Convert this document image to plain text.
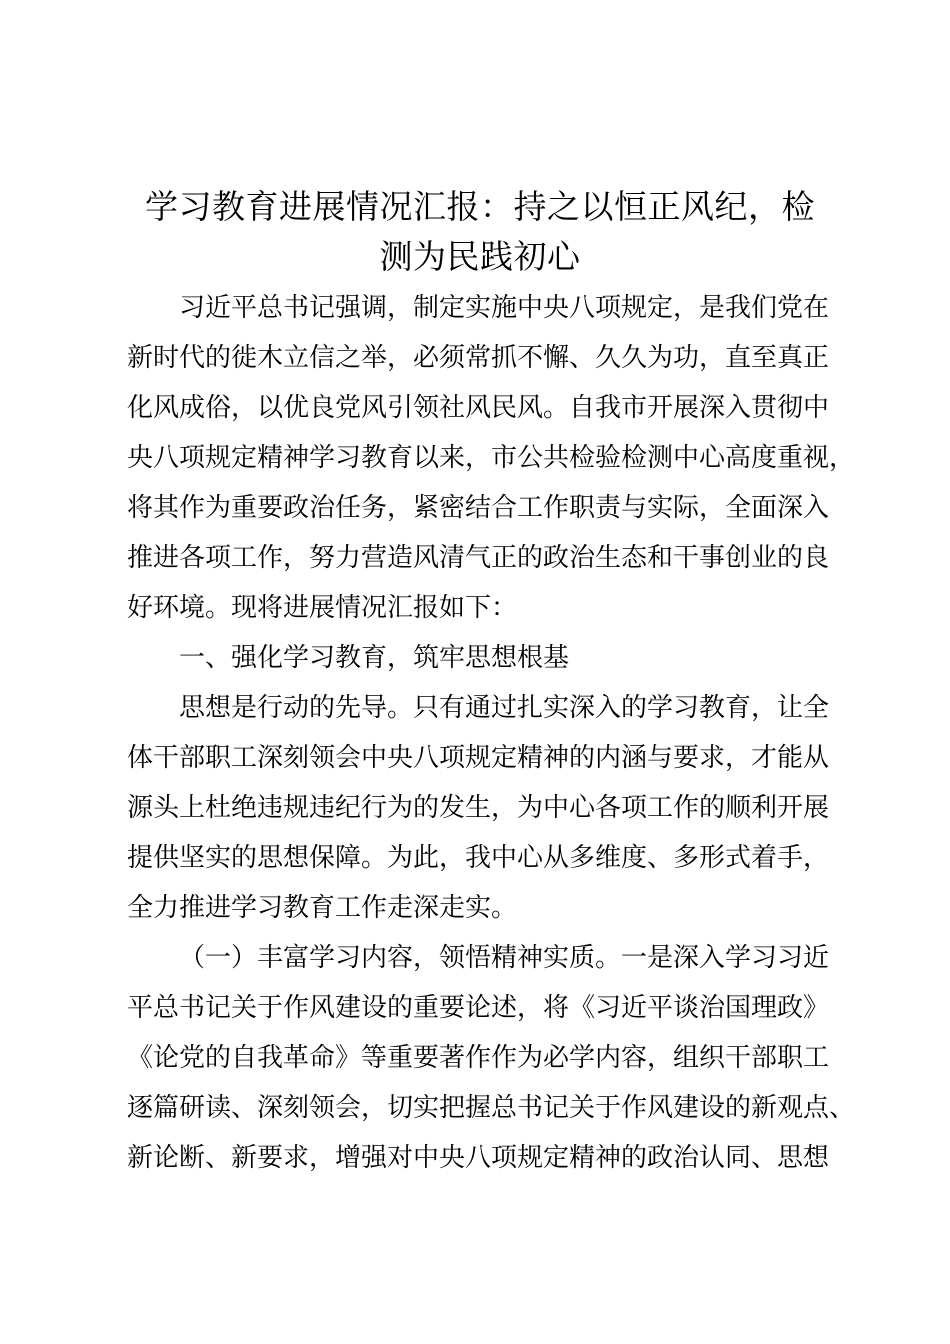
学习教育进展情况汇报：持之以恒正风纪，检
测为民践初心
习近平总书记强调，制定实施中央八项规定，是我们党在
新时代的徙木立信之举，必须常抓不懈、久久为功，直至真正
化风成俗，以优良党风引领社风民风。自我市开展深入贯彻中
央八项规定精神学习教育以来，市公共检验检测中心高度重视，
将其作为重要政治任务，紧密结合工作职责与实际，全面深入
推进各项工作，努力营造风清气正的政治生态和干事创业的良
好环境。现将进展情况汇报如下：
一、强化学习教育，筑牢思想根基
思想是行动的先导。只有通过扎实深入的学习教育，让全
体干部职工深刻领会中央八项规定精神的内涵与要求，才能从
源头上杜绝违规违纪行为的发生，为中心各项工作的顺利开展
提供坚实的思想保障。为此，我中心从多维度、多形式着手，
全力推进学习教育工作走深走实。
（一）丰富学习内容，领悟精神实质。一是深入学习习近
平总书记关于作风建设的重要论述，将《习近平谈治国理政》
《论党的自我革命》等重要著作作为必学内容，组织干部职工
逐篇研读、深刻领会，切实把握总书记关于作风建设的新观点、
新论断、新要求，增强对中央八项规定精神的政治认同、思想
